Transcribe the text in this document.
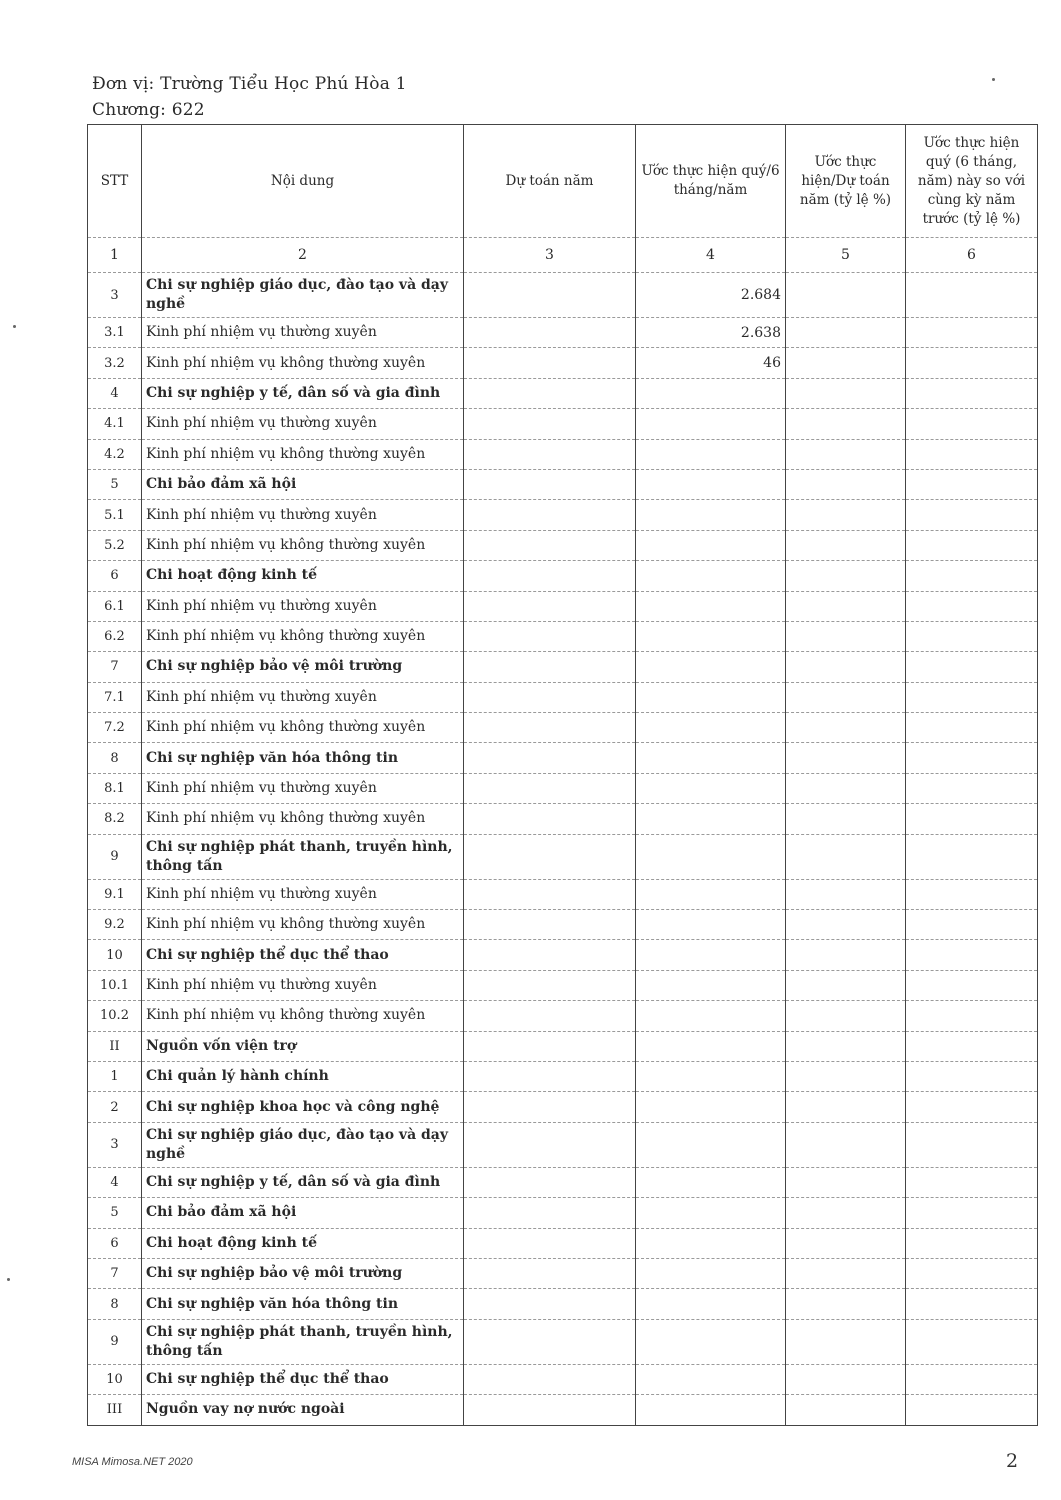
Đơn vị: Trường Tiểu Học Phú Hòa 1
Chương: 622
STT	Nội dung	Dự toán năm	Ước thực hiện quý/6 tháng/năm	Ước thực hiện/Dự toán năm (tỷ lệ %)	Ước thực hiện quý (6 tháng, năm) này so với cùng kỳ năm trước (tỷ lệ %)
1	2	3	4	5	6
3	Chi sự nghiệp giáo dục, đào tạo và dạy nghề		2.684		
3.1	Kinh phí nhiệm vụ thường xuyên		2.638		
3.2	Kinh phí nhiệm vụ không thường xuyên		46		
4	Chi sự nghiệp y tế, dân số và gia đình				
4.1	Kinh phí nhiệm vụ thường xuyên				
4.2	Kinh phí nhiệm vụ không thường xuyên				
5	Chi bảo đảm xã hội				
5.1	Kinh phí nhiệm vụ thường xuyên				
5.2	Kinh phí nhiệm vụ không thường xuyên				
6	Chi hoạt động kinh tế				
6.1	Kinh phí nhiệm vụ thường xuyên				
6.2	Kinh phí nhiệm vụ không thường xuyên				
7	Chi sự nghiệp bảo vệ môi trường				
7.1	Kinh phí nhiệm vụ thường xuyên				
7.2	Kinh phí nhiệm vụ không thường xuyên				
8	Chi sự nghiệp văn hóa thông tin				
8.1	Kinh phí nhiệm vụ thường xuyên				
8.2	Kinh phí nhiệm vụ không thường xuyên				
9	Chi sự nghiệp phát thanh, truyền hình, thông tấn				
9.1	Kinh phí nhiệm vụ thường xuyên				
9.2	Kinh phí nhiệm vụ không thường xuyên				
10	Chi sự nghiệp thể dục thể thao				
10.1	Kinh phí nhiệm vụ thường xuyên				
10.2	Kinh phí nhiệm vụ không thường xuyên				
II	Nguồn vốn viện trợ				
1	Chi quản lý hành chính				
2	Chi sự nghiệp khoa học và công nghệ				
3	Chi sự nghiệp giáo dục, đào tạo và dạy nghề				
4	Chi sự nghiệp y tế, dân số và gia đình				
5	Chi bảo đảm xã hội				
6	Chi hoạt động kinh tế				
7	Chi sự nghiệp bảo vệ môi trường				
8	Chi sự nghiệp văn hóa thông tin				
9	Chi sự nghiệp phát thanh, truyền hình, thông tấn				
10	Chi sự nghiệp thể dục thể thao				
III	Nguồn vay nợ nước ngoài				
MISA Mimosa.NET 2020	2
